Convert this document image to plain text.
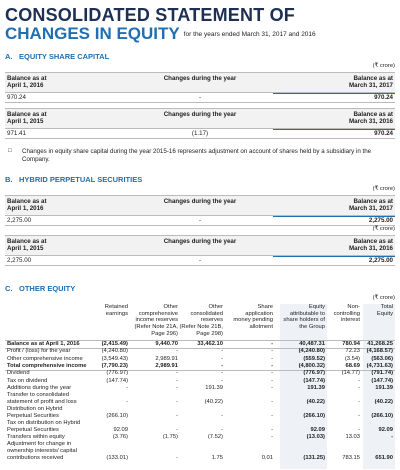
CONSOLIDATED STATEMENT OF
CHANGES IN EQUITY for the years ended March 31, 2017 and 2016
A. EQUITY SHARE CAPITAL
(₹ crore)
Balance as at
April 1, 2016
Changes during the year	Balance as at
March 31, 2017
970.24	-	970.24
Balance as at
April 1, 2015
Changes during the year	Balance as at
March 31, 2016
971.41	(1.17)	970.24
□ Changes in equity share capital during the year 2015-16 represents adjustment on account of shares held by a subsidiary in the Company.
B. HYBRID PERPETUAL SECURITIES
(₹ crore)
Balance as at
April 1, 2016
Changes during the year	Balance as at
March 31, 2017
2,275.00	-	2,275.00
(₹ crore)
Balance as at
April 1, 2015
Changes during the year	Balance as at
March 31, 2016
2,275.00	-	2,275.00
C. OTHER EQUITY
(₹ crore)
Retained
earnings
Other
comprehensive
income reserves
(Refer Note 21A,
Page 296)
Other
consolidated
reserves
(Refer Note 21B,
Page 298)
Share
application
money pending
allotment
Equity
attributable to
share holders of
the Group
Non-
controlling
interest
Total
Equity
Balance as at April 1, 2016	(2,415.49)	9,440.70	33,462.10	-	40,487.31	780.94	41,268.25
Profit / (loss) for the year	(4,240.80)	-	-	-	(4,240.80)	72.23	(4,168.57)
Other comprehensive income	(3,549.43)	2,989.91	-	-	(559.52)	(3.54)	(563.06)
Total comprehensive income	(7,790.23)	2,989.91	-	-	(4,800.32)	68.69	(4,731.63)
Dividend	(776.97)	-	-	-	(776.97)	(14.77)	(791.74)
Tax on dividend	(147.74)	-	-	-	(147.74)	-	(147.74)
Additions during the year	-	-	191.39	-	191.39	-	191.39
Transfer to consolidated
statement of profit and loss	-	-	(40.22)	-	(40.22)	-	(40.22)
Distribution on Hybrid
Perpetual Securities	(266.10)	-	-	-	(266.10)	-	(266.10)
Tax on distribution on Hybrid
Perpetual Securities	92.09	-	-	-	92.09	-	92.09
Transfers within equity	(3.76)	(1.75)	(7.52)	-	(13.03)	13.03	-
Adjustment for change in
ownership interests/ capital
contributions received	(133.01)	-	1.75	0.01	(131.25)	783.15	651.90
